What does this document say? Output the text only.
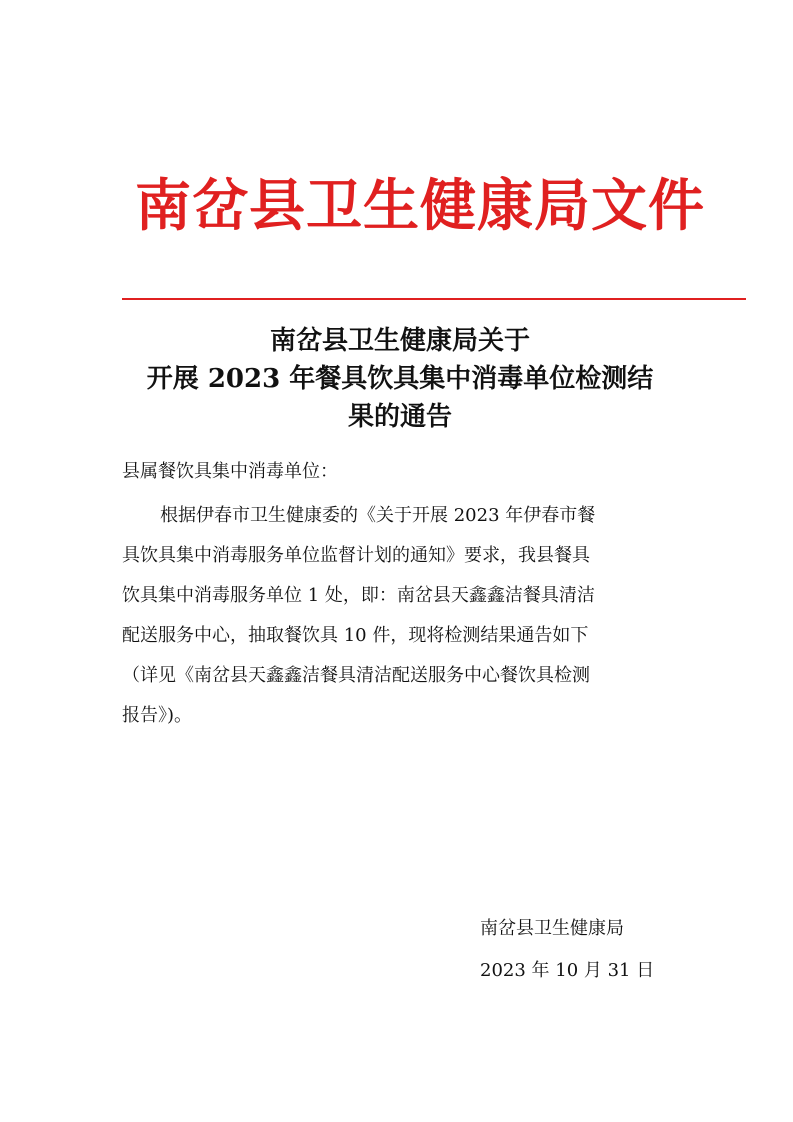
南岔县卫生健康局文件
南岔县卫生健康局关于
开展 2023 年餐具饮具集中消毒单位检测结
果的通告
县属餐饮具集中消毒单位：
根据伊春市卫生健康委的《关于开展 2023 年伊春市餐
具饮具集中消毒服务单位监督计划的通知》要求，我县餐具
饮具集中消毒服务单位 1 处，即：南岔县天鑫鑫洁餐具清洁
配送服务中心，抽取餐饮具 10 件，现将检测结果通告如下
（详见《南岔县天鑫鑫洁餐具清洁配送服务中心餐饮具检测
报告》)。
南岔县卫生健康局
2023 年 10 月 31 日
